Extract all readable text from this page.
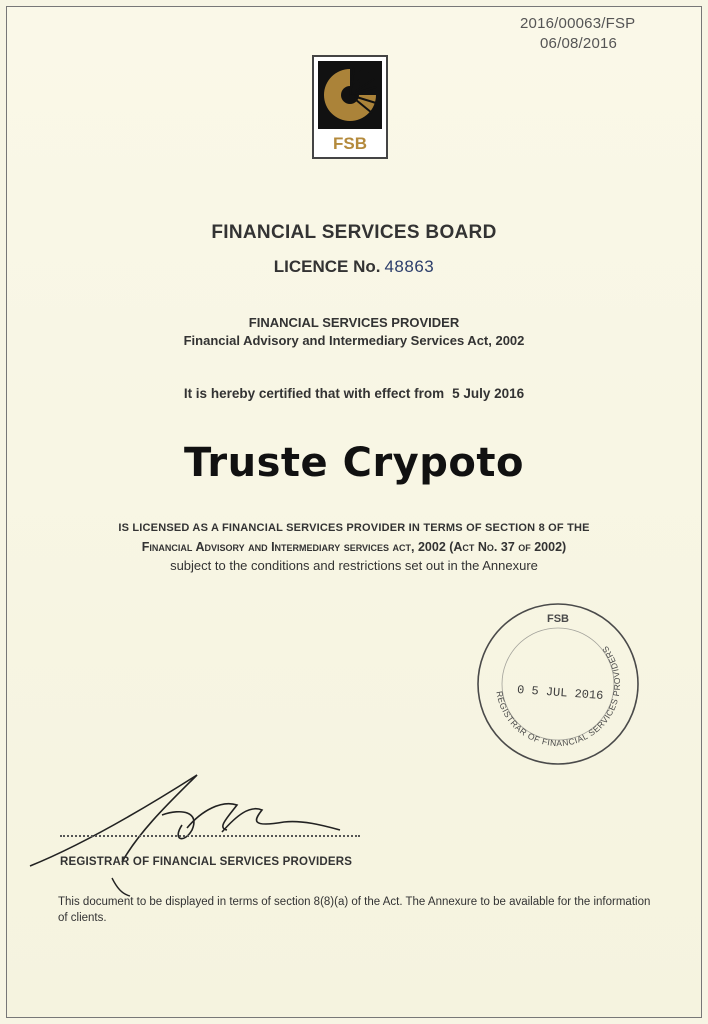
2016/00063/FSP
06/08/2016
FSB
FINANCIAL SERVICES BOARD
LICENCE No. 48863
FINANCIAL SERVICES PROVIDER
Financial Advisory and Intermediary Services Act, 2002
It is hereby certified that with effect from 5 July 2016
Truste Crypoto
IS LICENSED AS A FINANCIAL SERVICES PROVIDER IN TERMS OF SECTION 8 OF THE
Financial Advisory and Intermediary services act, 2002 (Act No. 37 of 2002)
subject to the conditions and restrictions set out in the Annexure
FSB
REGISTRAR OF FINANCIAL SERVICES PROVIDERS
0 5 JUL 2016
REGISTRAR OF FINANCIAL SERVICES PROVIDERS
This document to be displayed in terms of section 8(8)(a) of the Act. The Annexure to be available for the information of clients.
